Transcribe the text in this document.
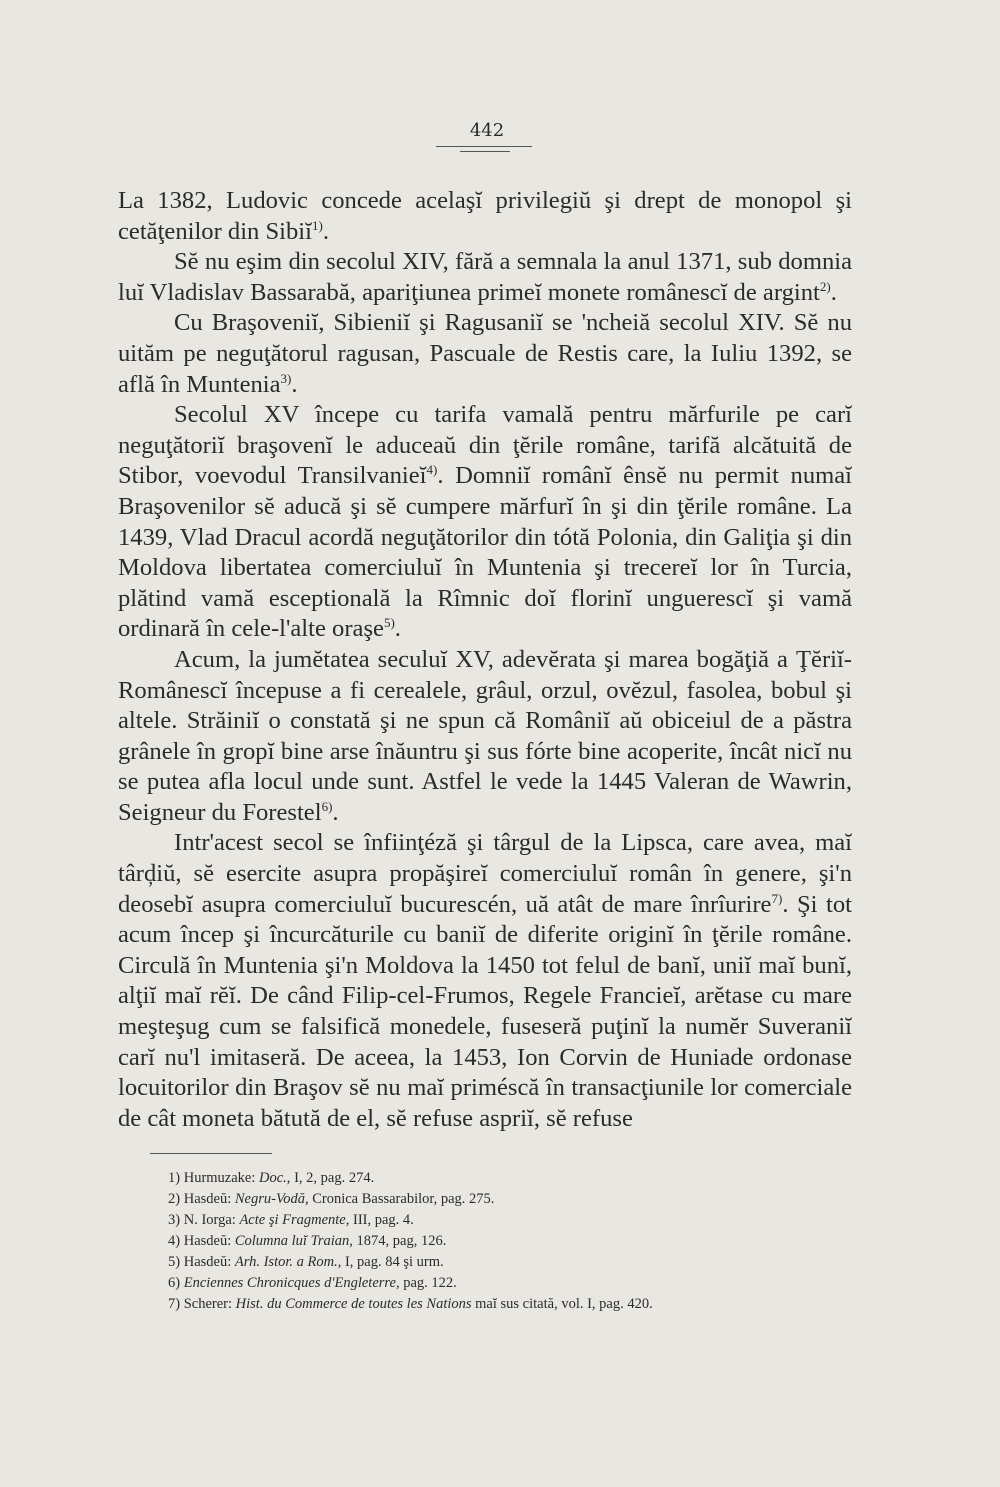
442

La 1382, Ludovic concede acelaşĭ privilegiŭ şi drept de monopol şi cetăţenilor din Sibiĭ$^{1)}$.

Sĕ nu eşim din secolul XIV, fără a semnala la anul 1371, sub domnia luĭ Vladislav Bassarabă, apariţiunea primeĭ monete românescĭ de argint$^{2)}$.

Cu Braşoveniĭ, Sibieniĭ şi Ragusaniĭ se 'ncheiă secolul XIV. Sĕ nu uităm pe neguţătorul ragusan, Pascuale de Restis care, la Iuliu 1392, se află în Muntenia$^{3)}$.

Secolul XV începe cu tarifa vamală pentru mărfurile pe carĭ neguţătoriĭ braşovenĭ le aduceaŭ din ţĕrile române, tarifă alcătuită de Stibor, voevodul Transilvanieĭ$^{4)}$. Domniĭ românĭ ênsĕ nu permit numaĭ Braşovenilor sĕ aducă şi sĕ cumpere mărfurĭ în şi din ţĕrile române. La 1439, Vlad Dracul acordă neguţătorilor din tótă Polonia, din Galiţia şi din Moldova libertatea comerciuluĭ în Muntenia şi trecereĭ lor în Turcia, plătind vamă esceptională la Rîmnic doĭ florinĭ unguerescĭ şi vamă ordinară în cele-l'alte oraşe$^{5)}$.

Acum, la jumĕtatea seculuĭ XV, adevĕrata şi marea bogăţiă a Ţĕriĭ-Românescĭ începuse a fi cerealele, grâul, orzul, ovĕzul, fasolea, bobul şi altele. Străiniĭ o constată şi ne spun că Româniĭ aŭ obiceiul de a păstra grânele în gropĭ bine arse înăuntru şi sus fórte bine acoperite, încât nicĭ nu se putea afla locul unde sunt. Astfel le vede la 1445 Valeran de Wawrin, Seigneur du Forestel$^{6)}$.

Intr'acest secol se înfiinţéză şi târgul de la Lipsca, care avea, maĭ târḑiŭ, sĕ esercite asupra propăşireĭ comerciuluĭ român în genere, şi'n deosebĭ asupra comerciuluĭ bucurescén, uă atât de mare înrîurire$^{7)}$. Şi tot acum încep şi încurcăturile cu baniĭ de diferite originĭ în ţĕrile române. Circulă în Muntenia şi'n Moldova la 1450 tot felul de banĭ, uniĭ maĭ bunĭ, alţiĭ maĭ rĕĭ. De când Filip-cel-Frumos, Regele Francieĭ, arĕtase cu mare meşteşug cum se falsifică monedele, fuseseră puţinĭ la numĕr Suveraniĭ carĭ nu'l imitaseră. De aceea, la 1453, Ion Corvin de Huniade ordonase locuitorilor din Braşov sĕ nu maĭ priméscă în transacţiunile lor comerciale de cât moneta bătută de el, sĕ refuse aspriĭ, sĕ refuse

1) Hurmuzake: Doc., I, 2, pag. 274.
2) Hasdeŭ: Negru-Vodă, Cronica Bassarabilor, pag. 275.
3) N. Iorga: Acte şi Fragmente, III, pag. 4.
4) Hasdeŭ: Columna luĭ Traian, 1874, pag, 126.
5) Hasdeŭ: Arh. Istor. a Rom., I, pag. 84 şi urm.
6) Enciennes Chronicques d'Engleterre, pag. 122.
7) Scherer: Hist. du Commerce de toutes les Nations maĭ sus citată, vol. I, pag. 420.
